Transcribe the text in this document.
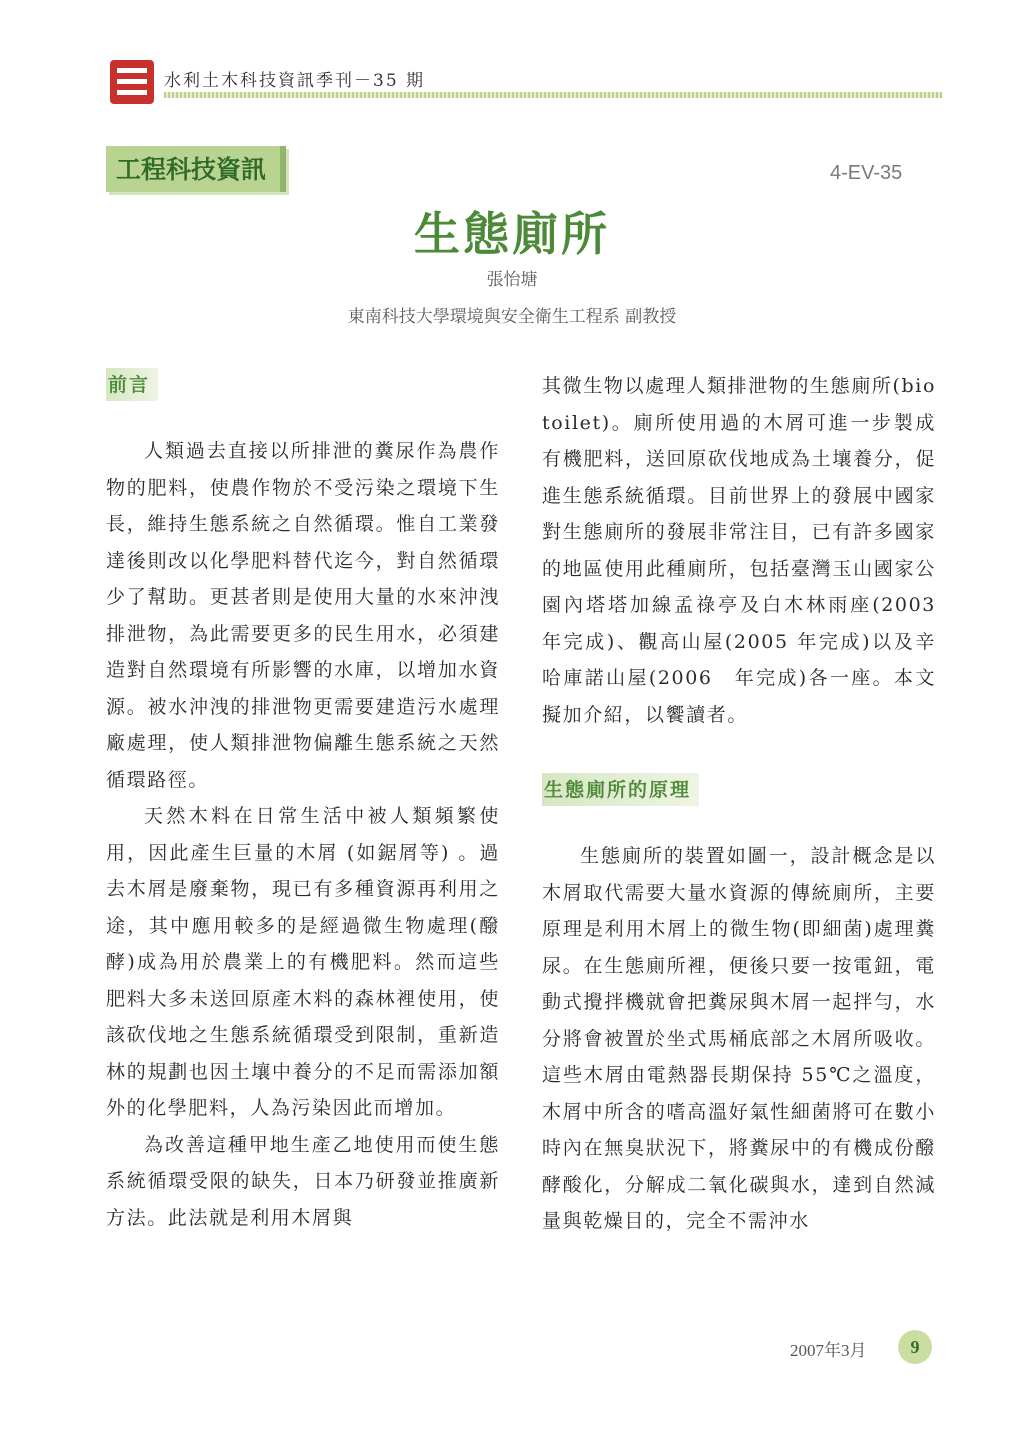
水利土木科技資訊季刊－35 期
工程科技資訊	4-EV-35
生態廁所
張怡塘
東南科技大學環境與安全衛生工程系 副教授
前言

人類過去直接以所排泄的糞尿作為農作物的肥料，使農作物於不受污染之環境下生長，維持生態系統之自然循環。惟自工業發達後則改以化學肥料替代迄今，對自然循環少了幫助。更甚者則是使用大量的水來沖洩排泄物，為此需要更多的民生用水，必須建造對自然環境有所影響的水庫，以增加水資源。被水沖洩的排泄物更需要建造污水處理廠處理，使人類排泄物偏離生態系統之天然循環路徑。

天然木料在日常生活中被人類頻繁使用，因此產生巨量的木屑 (如鋸屑等) 。過去木屑是廢棄物，現已有多種資源再利用之途，其中應用較多的是經過微生物處理(醱酵)成為用於農業上的有機肥料。然而這些肥料大多未送回原產木料的森林裡使用，使該砍伐地之生態系統循環受到限制，重新造林的規劃也因土壤中養分的不足而需添加額外的化學肥料，人為污染因此而增加。

為改善這種甲地生產乙地使用而使生態系統循環受限的缺失，日本乃研發並推廣新方法。此法就是利用木屑與

其微生物以處理人類排泄物的生態廁所(bio toilet)。廁所使用過的木屑可進一步製成有機肥料，送回原砍伐地成為土壤養分，促進生態系統循環。目前世界上的發展中國家對生態廁所的發展非常注目，已有許多國家的地區使用此種廁所，包括臺灣玉山國家公園內塔塔加線孟祿亭及白木林雨座(2003 年完成)、觀高山屋(2005 年完成)以及辛哈庫諾山屋(2006　年完成)各一座。本文擬加介紹，以饗讀者。

生態廁所的原理

生態廁所的裝置如圖一，設計概念是以木屑取代需要大量水資源的傳統廁所，主要原理是利用木屑上的微生物(即細菌)處理糞尿。在生態廁所裡，便後只要一按電鈕，電動式攪拌機就會把糞尿與木屑一起拌勻，水分將會被置於坐式馬桶底部之木屑所吸收。這些木屑由電熱器長期保持 55℃之溫度，木屑中所含的嗜高溫好氣性細菌將可在數小時內在無臭狀況下，將糞尿中的有機成份醱酵酸化，分解成二氧化碳與水，達到自然減量與乾燥目的，完全不需沖水

2007年3月	9
